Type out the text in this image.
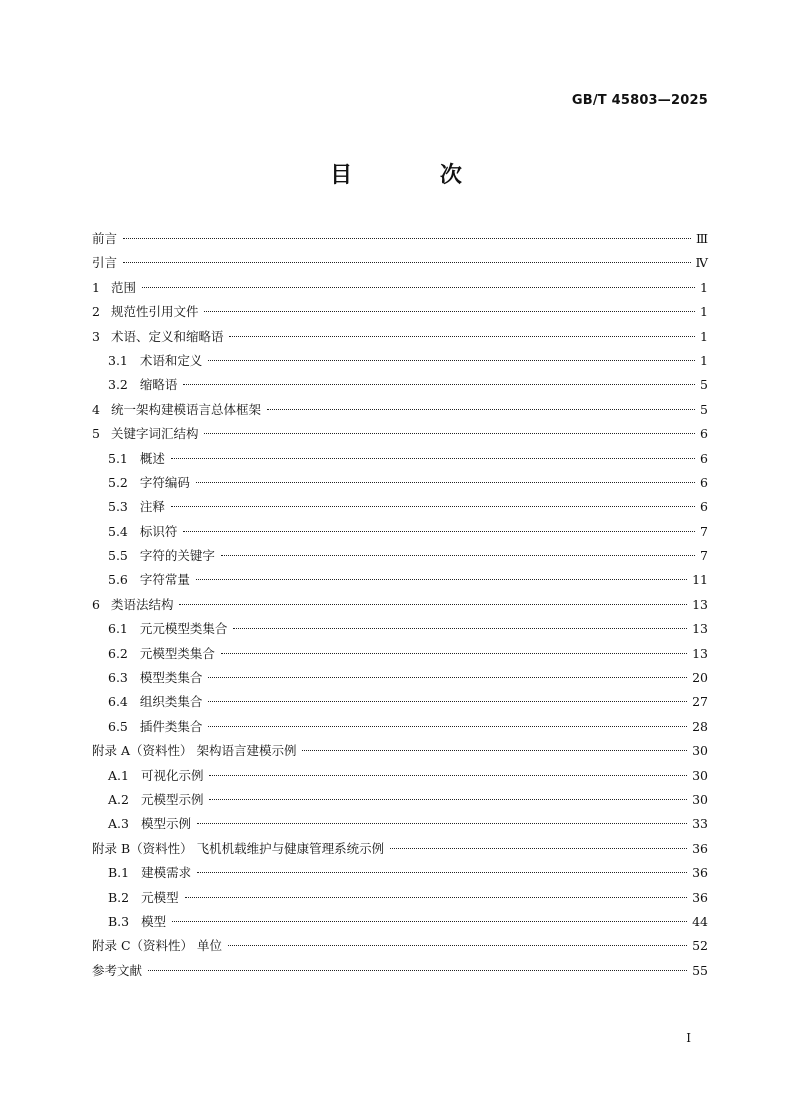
GB/T 45803—2025
目 次
前言	Ⅲ
引言	Ⅳ
1 范围	1
2 规范性引用文件	1
3 术语、定义和缩略语	1
3.1 术语和定义	1
3.2 缩略语	5
4 统一架构建模语言总体框架	5
5 关键字词汇结构	6
5.1 概述	6
5.2 字符编码	6
5.3 注释	6
5.4 标识符	7
5.5 字符的关键字	7
5.6 字符常量	11
6 类语法结构	13
6.1 元元模型类集合	13
6.2 元模型类集合	13
6.3 模型类集合	20
6.4 组织类集合	27
6.5 插件类集合	28
附录 A（资料性） 架构语言建模示例	30
A.1 可视化示例	30
A.2 元模型示例	30
A.3 模型示例	33
附录 B（资料性） 飞机机载维护与健康管理系统示例	36
B.1 建模需求	36
B.2 元模型	36
B.3 模型	44
附录 C（资料性） 单位	52
参考文献	55
I
